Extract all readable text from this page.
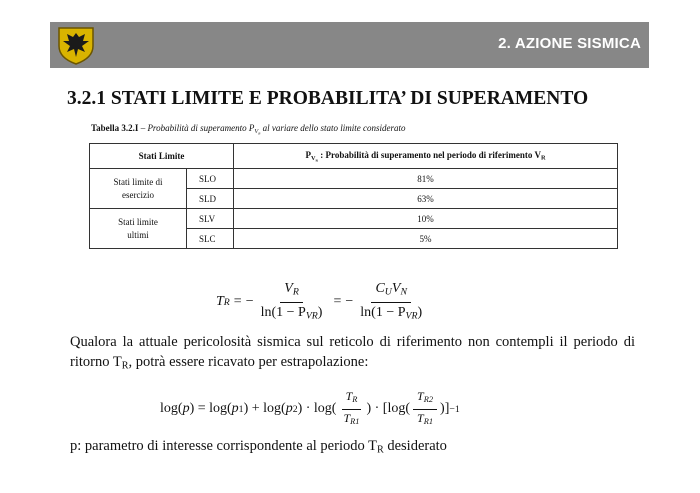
2. AZIONE SISMICA
3.2.1 STATI LIMITE E PROBABILITA’ DI SUPERAMENTO
Tabella 3.2.I – Probabilità di superamento $P_{V_R}$ al variare dello stato limite considerato
Stati Limite		$P_{V_R}$ : Probabilità di superamento nel periodo di riferimento $V_R$
Stati limite di
esercizio	SLO	81%
	SLD	63%
Stati limite
ultimi	SLV	10%
	SLC	5%
T R = − $\frac{V_R}{\ln(1 - P_{VR})}$ = − $\frac{C_UV_N}{\ln(1 - P_{VR})}$
Qualora la attuale pericolosità sismica sul reticolo di riferimento non contempli il periodo di ritorno $T_R$, potrà essere ricavato per estrapolazione:
log( p ) = log( p 1 ) + log( p 2 ) · $\log( \frac{T_R}{T_{R1}}$ ) · [$\log( \frac{T_{R2}}{T_{R1}}$ )] −1
p: parametro di interesse corrispondente al periodo $T_R$ desiderato
